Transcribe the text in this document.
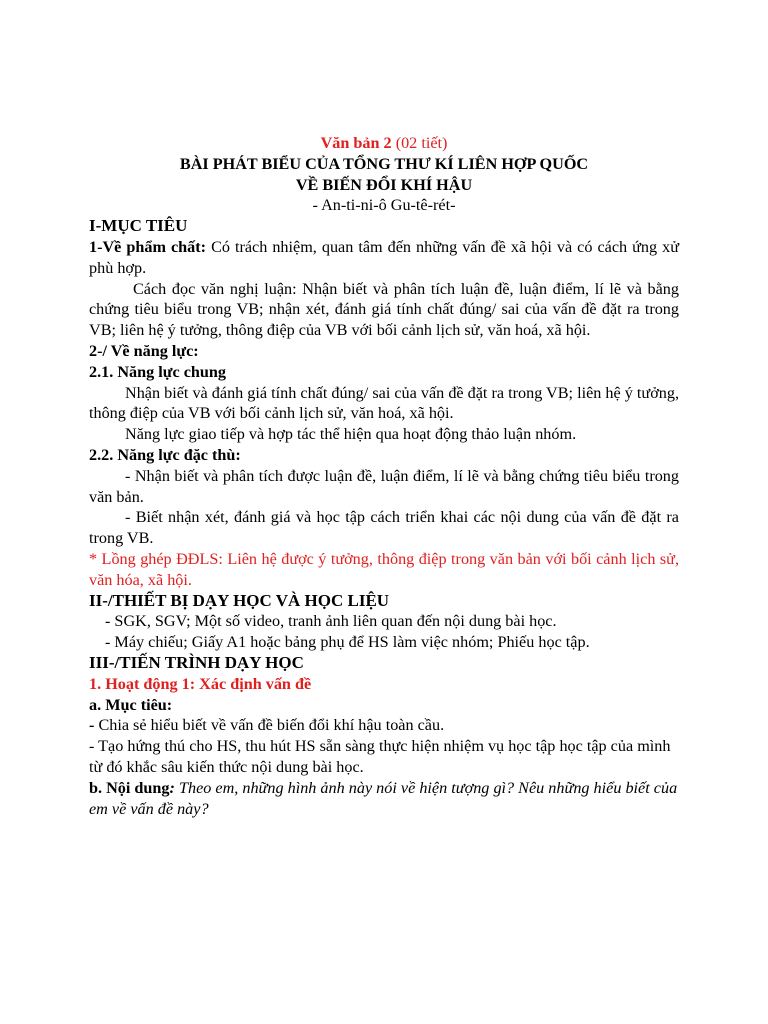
Văn bản 2 (02 tiết)

BÀI PHÁT BIỂU CỦA TỔNG THƯ KÍ LIÊN HỢP QUỐC

VỀ BIẾN ĐỔI KHÍ HẬU

- An-ti-ni-ô Gu-tê-rét-

I-MỤC TIÊU

1-Về phẩm chất: Có trách nhiệm, quan tâm đến những vấn đề xã hội và có cách ứng xử phù hợp.

Cách đọc văn nghị luận: Nhận biết và phân tích luận đề, luận điểm, lí lẽ và bằng chứng tiêu biểu trong VB; nhận xét, đánh giá tính chất đúng/ sai của vấn đề đặt ra trong VB; liên hệ ý tưởng, thông điệp của VB với bối cảnh lịch sử, văn hoá, xã hội.

2-/ Về năng lực:

2.1. Năng lực chung

Nhận biết và đánh giá tính chất đúng/ sai của vấn đề đặt ra trong VB; liên hệ ý tưởng, thông điệp của VB với bối cảnh lịch sử, văn hoá, xã hội.

Năng lực giao tiếp và hợp tác thể hiện qua hoạt động thảo luận nhóm.

2.2. Năng lực đặc thù:

- Nhận biết và phân tích được luận đề, luận điểm, lí lẽ và bằng chứng tiêu biểu trong văn bản.

- Biết nhận xét, đánh giá và học tập cách triển khai các nội dung của vấn đề đặt ra trong VB.

* Lồng ghép ĐĐLS: Liên hệ được ý tưởng, thông điệp trong văn bản với bối cảnh lịch sử, văn hóa, xã hội.

II-/THIẾT BỊ DẠY HỌC VÀ HỌC LIỆU

- SGK, SGV; Một số video, tranh ảnh liên quan đến nội dung bài học.

- Máy chiếu; Giấy A1 hoặc bảng phụ để HS làm việc nhóm; Phiếu học tập.

III-/TIẾN TRÌNH DẠY HỌC

1. Hoạt động 1: Xác định vấn đề

a. Mục tiêu:

- Chia sẻ hiểu biết về vấn đề biến đổi khí hậu toàn cầu.

- Tạo hứng thú cho HS, thu hút HS sẵn sàng thực hiện nhiệm vụ học tập học tập của mình từ đó khắc sâu kiến thức nội dung bài học.

b. Nội dung: Theo em, những hình ảnh này nói về hiện tượng gì? Nêu những hiểu biết của em về vấn đề này?
